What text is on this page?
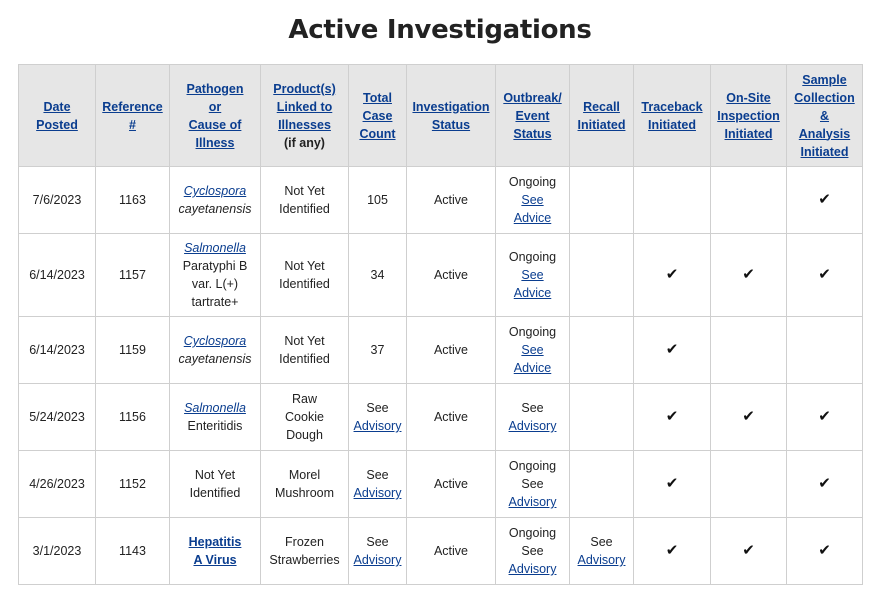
Active Investigations
Date
Posted	Reference
#	Pathogen
or
Cause of
Illness	Product(s)
Linked to
Illnesses
(if any)	Total
Case
Count	Investigation
Status	Outbreak/
Event
Status	Recall
Initiated	Traceback
Initiated	On-Site
Inspection
Initiated	Sample
Collection
&
Analysis
Initiated

7/6/2023	1163	Cyclospora
cayetanensis	Not Yet
Identified	105	Active	Ongoing
See
Advice				✔
6/14/2023	1157	Salmonella
Paratyphi B
var. L(+)
tartrate+	Not Yet
Identified	34	Active	Ongoing
See
Advice		✔	✔	✔
6/14/2023	1159	Cyclospora
cayetanensis	Not Yet
Identified	37	Active	Ongoing
See
Advice		✔		
5/24/2023	1156	Salmonella
Enteritidis	Raw
Cookie
Dough	See
Advisory	Active	See
Advisory		✔	✔	✔
4/26/2023	1152	Not Yet
Identified	Morel
Mushroom	See
Advisory	Active	Ongoing
See
Advisory		✔		✔
3/1/2023	1143	Hepatitis
A Virus	Frozen
Strawberries	See
Advisory	Active	Ongoing
See
Advisory	See
Advisory	✔	✔	✔
